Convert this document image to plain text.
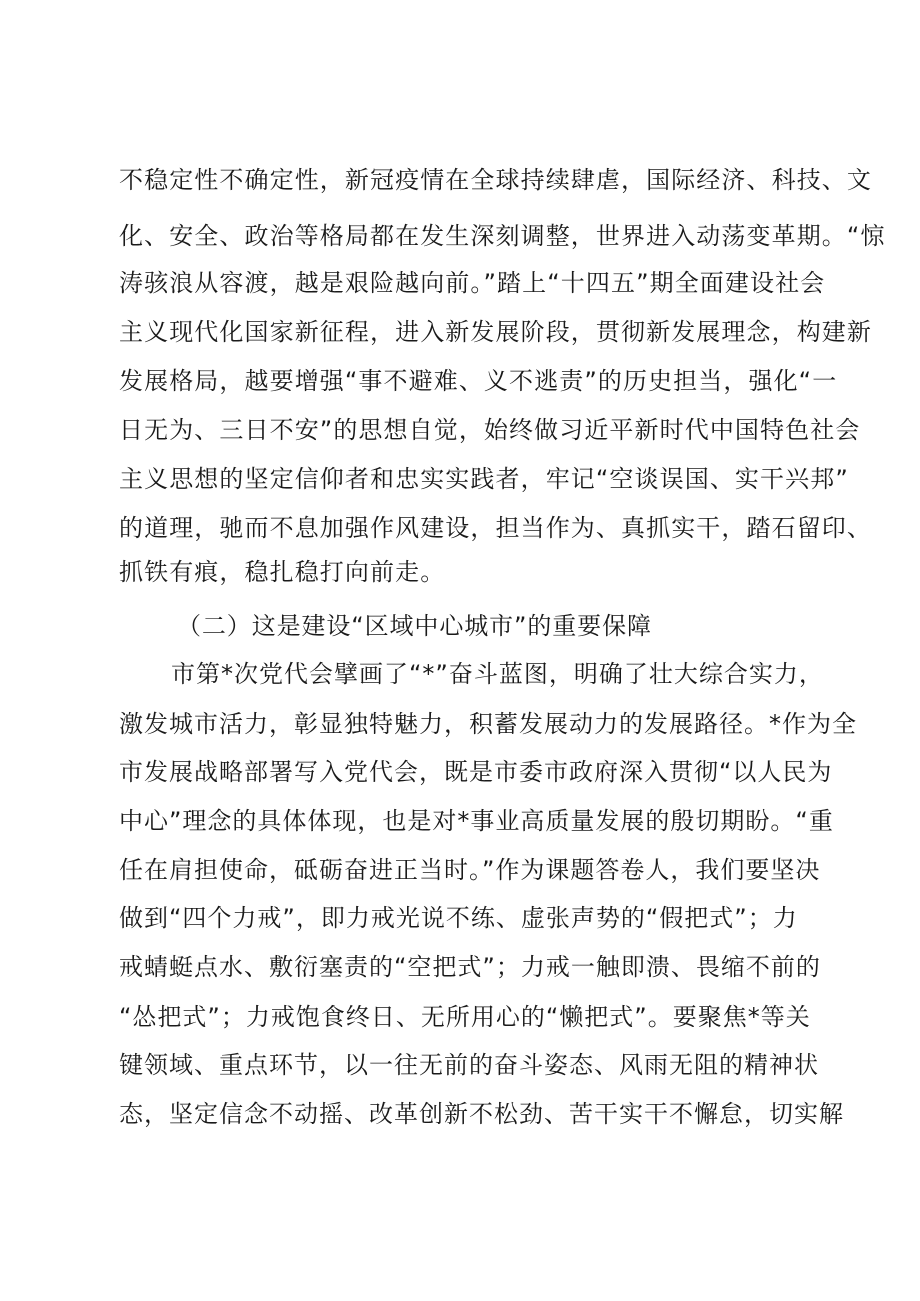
不稳定性不确定性，新冠疫情在全球持续肆虐，国际经济、科技、文
化、安全、政治等格局都在发生深刻调整，世界进入动荡变革期。“惊
涛骇浪从容渡，越是艰险越向前。”踏上“十四五”期全面建设社会
主义现代化国家新征程，进入新发展阶段，贯彻新发展理念，构建新
发展格局，越要增强“事不避难、义不逃责”的历史担当，强化“一
日无为、三日不安”的思想自觉，始终做习近平新时代中国特色社会
主义思想的坚定信仰者和忠实实践者，牢记“空谈误国、实干兴邦”
的道理，驰而不息加强作风建设，担当作为、真抓实干，踏石留印、
抓铁有痕，稳扎稳打向前走。
（二）这是建设“区域中心城市”的重要保障
市第*次党代会擘画了“*”奋斗蓝图，明确了壮大综合实力，
激发城市活力，彰显独特魅力，积蓄发展动力的发展路径。*作为全
市发展战略部署写入党代会，既是市委市政府深入贯彻“以人民为
中心”理念的具体体现，也是对*事业高质量发展的殷切期盼。“重
任在肩担使命，砥砺奋进正当时。”作为课题答卷人，我们要坚决
做到“四个力戒”，即力戒光说不练、虚张声势的“假把式”；力
戒蜻蜓点水、敷衍塞责的“空把式”；力戒一触即溃、畏缩不前的
“怂把式”；力戒饱食终日、无所用心的“懒把式”。要聚焦*等关
键领域、重点环节，以一往无前的奋斗姿态、风雨无阻的精神状
态，坚定信念不动摇、改革创新不松劲、苦干实干不懈怠，切实解
